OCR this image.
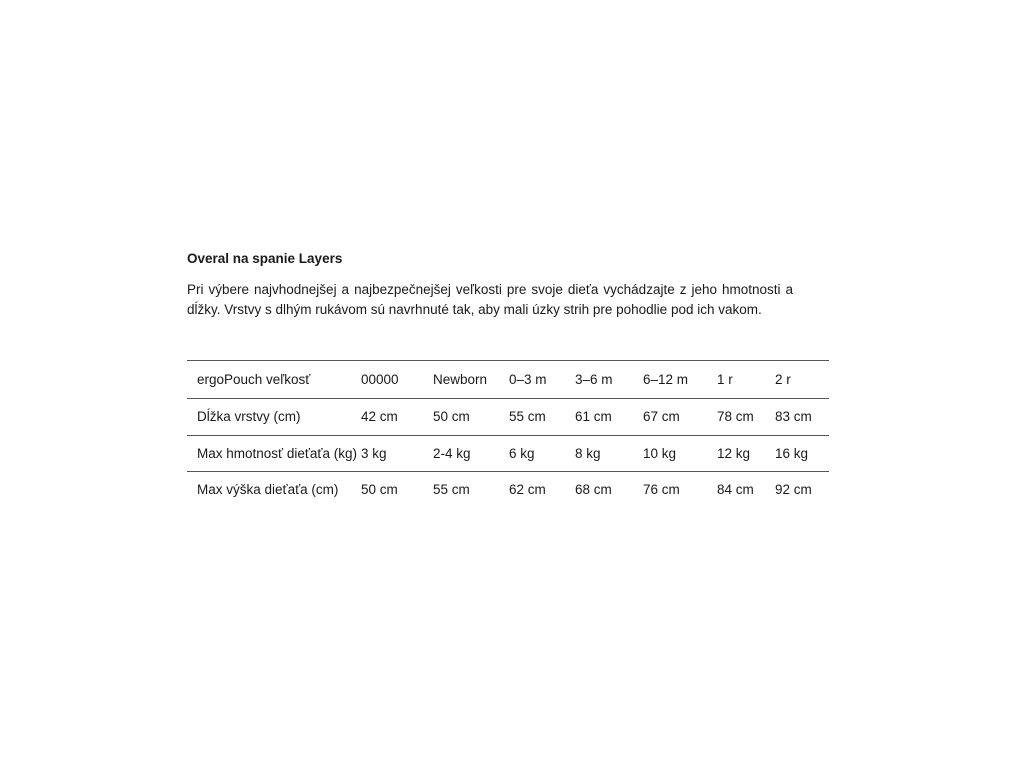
Overal na spanie Layers

Pri výbere najvhodnejšej a najbezpečnejšej veľkosti pre svoje dieťa vychádzajte z jeho hmotnosti a dĺžky. Vrstvy s dlhým rukávom sú navrhnuté tak, aby mali úzky strih pre pohodlie pod ich vakom.

ergoPouch veľkosť	00000	Newborn	0–3 m	3–6 m	6–12 m	1 r	2 r
Dĺžka vrstvy (cm)	42 cm	50 cm	55 cm	61 cm	67 cm	78 cm	83 cm
Max hmotnosť dieťaťa (kg)	3 kg	2-4 kg	6 kg	8 kg	10 kg	12 kg	16 kg
Max výška dieťaťa (cm)	50 cm	55 cm	62 cm	68 cm	76 cm	84 cm	92 cm
